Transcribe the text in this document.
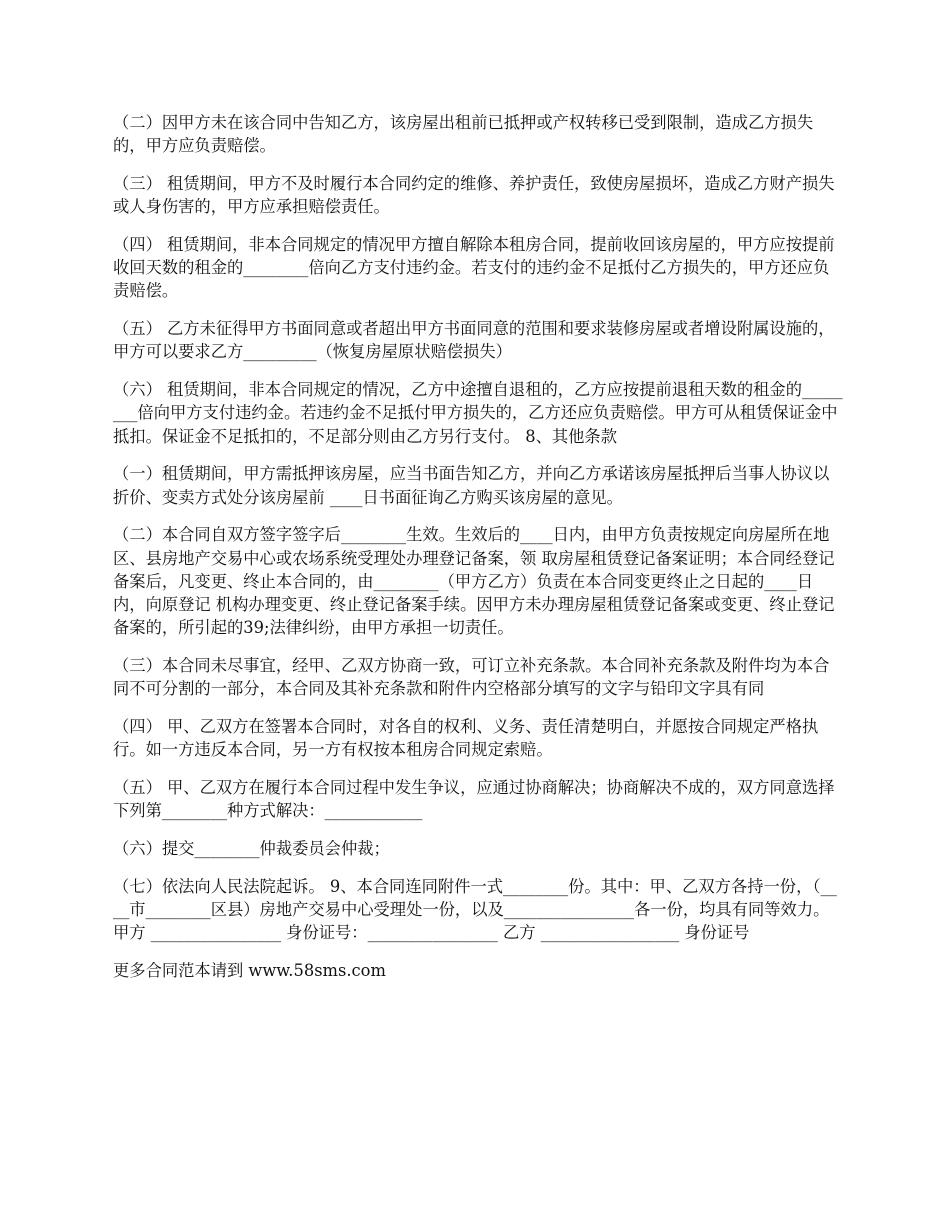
（二）因甲方未在该合同中告知乙方，该房屋出租前已抵押或产权转移已受到限制，造成乙方损失的，甲方应负责赔偿。

（三） 租赁期间，甲方不及时履行本合同约定的维修、养护责任，致使房屋损坏，造成乙方财产损失或人身伤害的，甲方应承担赔偿责任。

（四） 租赁期间，非本合同规定的情况甲方擅自解除本租房合同，提前收回该房屋的，甲方应按提前收回天数的租金的________倍向乙方支付违约金。若支付的违约金不足抵付乙方损失的，甲方还应负责赔偿。

（五） 乙方未征得甲方书面同意或者超出甲方书面同意的范围和要求装修房屋或者增设附属设施的，甲方可以要求乙方_________（恢复房屋原状赔偿损失）

（六） 租赁期间，非本合同规定的情况，乙方中途擅自退租的，乙方应按提前退租天数的租金的________倍向甲方支付违约金。若违约金不足抵付甲方损失的，乙方还应负责赔偿。甲方可从租赁保证金中抵扣。保证金不足抵扣的，不足部分则由乙方另行支付。 8、其他条款

（一）租赁期间，甲方需抵押该房屋，应当书面告知乙方，并向乙方承诺该房屋抵押后当事人协议以折价、变卖方式处分该房屋前 ____日书面征询乙方购买该房屋的意见。

（二）本合同自双方签字签字后________生效。生效后的____日内，由甲方负责按规定向房屋所在地区、县房地产交易中心或农场系统受理处办理登记备案，领 取房屋租赁登记备案证明；本合同经登记备案后，凡变更、终止本合同的，由________（甲方乙方）负责在本合同变更终止之日起的____日内，向原登记 机构办理变更、终止登记备案手续。因甲方未办理房屋租赁登记备案或变更、终止登记备案的，所引起的39;法律纠纷，由甲方承担一切责任。

（三）本合同未尽事宜，经甲、乙双方协商一致，可订立补充条款。本合同补充条款及附件均为本合同不可分割的一部分，本合同及其补充条款和附件内空格部分填写的文字与铅印文字具有同

（四） 甲、乙双方在签署本合同时，对各自的权利、义务、责任清楚明白，并愿按合同规定严格执行。如一方违反本合同，另一方有权按本租房合同规定索赔。

（五） 甲、乙双方在履行本合同过程中发生争议，应通过协商解决；协商解决不成的，双方同意选择下列第________种方式解决：____________

（六）提交________仲裁委员会仲裁；

（七）依法向人民法院起诉。 9、本合同连同附件一式________份。其中：甲、乙双方各持一份，（____市________区县）房地产交易中心受理处一份，以及________________各一份，均具有同等效力。 甲方 ________________ 身份证号：________________ 乙方 _________________ 身份证号

更多合同范本请到 www.58sms.com
